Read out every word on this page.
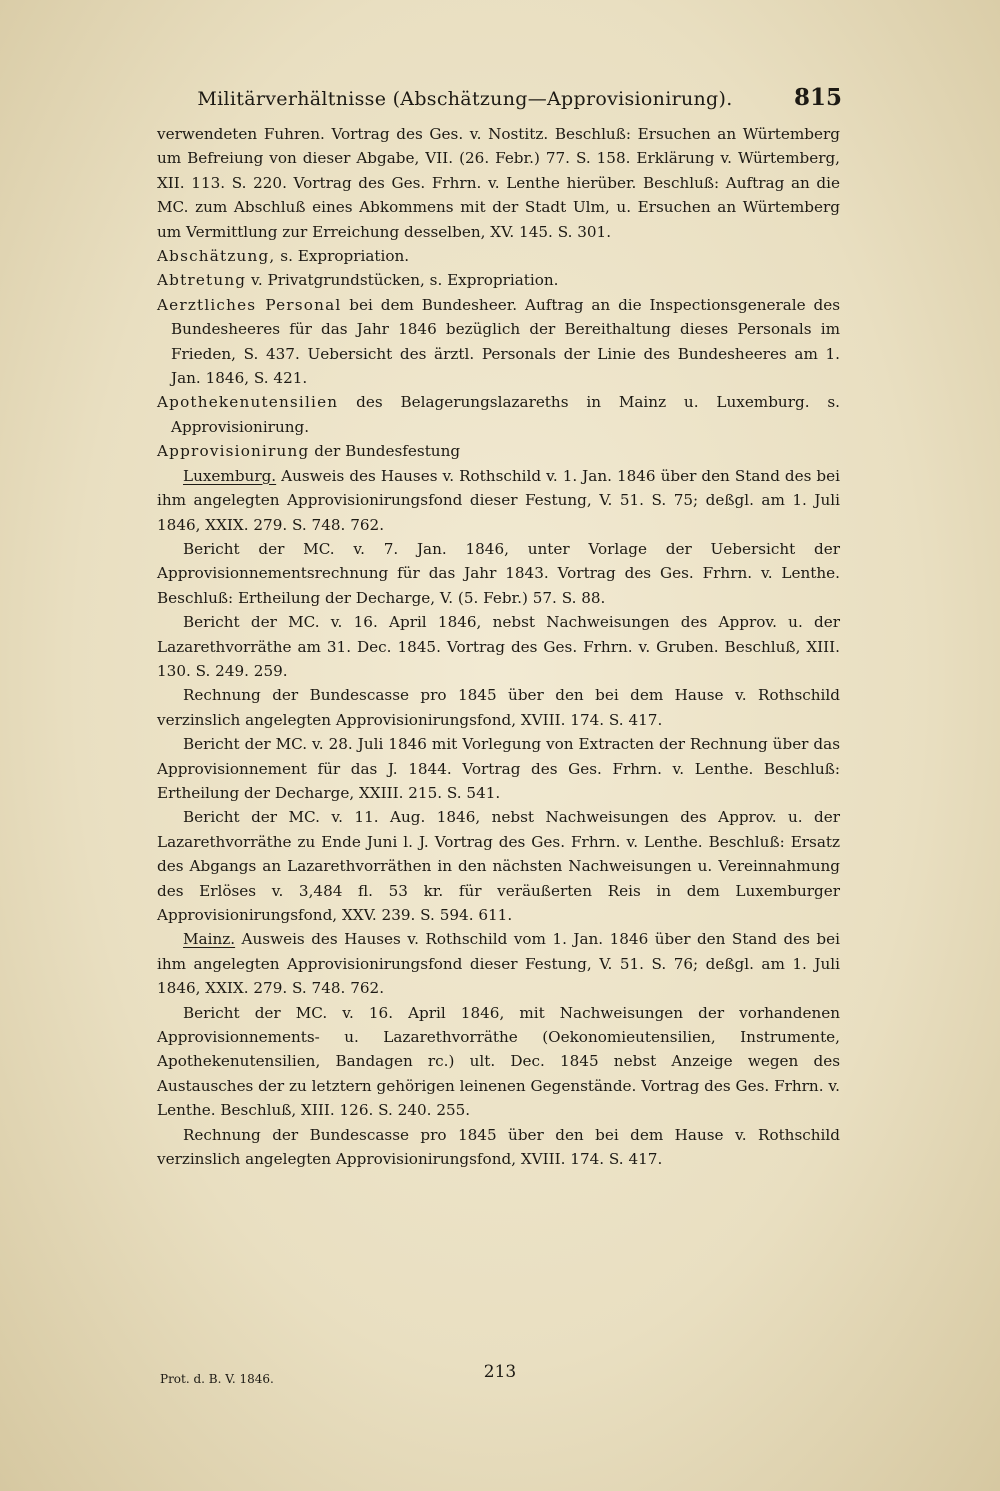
Militärverhältnisse (Abschätzung—Approvisionirung).	815
verwendeten Fuhren. Vortrag des Ges. v. Nostitz. Beschluß: Ersuchen an Würtemberg um Befreiung von dieser Abgabe, VII. (26. Febr.) 77. S. 158. Erklärung v. Würtemberg, XII. 113. S. 220. Vortrag des Ges. Frhrn. v. Lenthe hierüber. Beschluß: Auftrag an die MC. zum Abschluß eines Abkommens mit der Stadt Ulm, u. Ersuchen an Würtemberg um Vermittlung zur Erreichung desselben, XV. 145. S. 301.
Abschätzung, s. Expropriation.
Abtretung v. Privatgrundstücken, s. Expropriation.
Aerztliches Personal bei dem Bundesheer. Auftrag an die Inspectionsgenerale des Bundesheeres für das Jahr 1846 bezüglich der Bereithaltung dieses Personals im Frieden, S. 437. Uebersicht des ärztl. Personals der Linie des Bundesheeres am 1. Jan. 1846, S. 421.
Apothekenutensilien des Belagerungslazareths in Mainz u. Luxemburg. s. Approvisionirung.
Approvisionirung der Bundesfestung
Luxemburg. Ausweis des Hauses v. Rothschild v. 1. Jan. 1846 über den Stand des bei ihm angelegten Approvisionirungsfond dieser Festung, V. 51. S. 75; deßgl. am 1. Juli 1846, XXIX. 279. S. 748. 762.
Bericht der MC. v. 7. Jan. 1846, unter Vorlage der Uebersicht der Approvisionnementsrechnung für das Jahr 1843. Vortrag des Ges. Frhrn. v. Lenthe. Beschluß: Ertheilung der Decharge, V. (5. Febr.) 57. S. 88.
Bericht der MC. v. 16. April 1846, nebst Nachweisungen des Approv. u. der Lazarethvorräthe am 31. Dec. 1845. Vortrag des Ges. Frhrn. v. Gruben. Beschluß, XIII. 130. S. 249. 259.
Rechnung der Bundescasse pro 1845 über den bei dem Hause v. Rothschild verzinslich angelegten Approvisionirungsfond, XVIII. 174. S. 417.
Bericht der MC. v. 28. Juli 1846 mit Vorlegung von Extracten der Rechnung über das Approvisionnement für das J. 1844. Vortrag des Ges. Frhrn. v. Lenthe. Beschluß: Ertheilung der Decharge, XXIII. 215. S. 541.
Bericht der MC. v. 11. Aug. 1846, nebst Nachweisungen des Approv. u. der Lazarethvorräthe zu Ende Juni l. J. Vortrag des Ges. Frhrn. v. Lenthe. Beschluß: Ersatz des Abgangs an Lazarethvorräthen in den nächsten Nachweisungen u. Vereinnahmung des Erlöses v. 3,484 fl. 53 kr. für veräußerten Reis in dem Luxemburger Approvisionirungsfond, XXV. 239. S. 594. 611.
Mainz. Ausweis des Hauses v. Rothschild vom 1. Jan. 1846 über den Stand des bei ihm angelegten Approvisionirungsfond dieser Festung, V. 51. S. 76; deßgl. am 1. Juli 1846, XXIX. 279. S. 748. 762.
Bericht der MC. v. 16. April 1846, mit Nachweisungen der vorhandenen Approvisionnements- u. Lazarethvorräthe (Oekonomieutensilien, Instrumente, Apothekenutensilien, Bandagen rc.) ult. Dec. 1845 nebst Anzeige wegen des Austausches der zu letztern gehörigen leinenen Gegenstände. Vortrag des Ges. Frhrn. v. Lenthe. Beschluß, XIII. 126. S. 240. 255.
Rechnung der Bundescasse pro 1845 über den bei dem Hause v. Rothschild verzinslich angelegten Approvisionirungsfond, XVIII. 174. S. 417.
Prot. d. B. V. 1846.	213
